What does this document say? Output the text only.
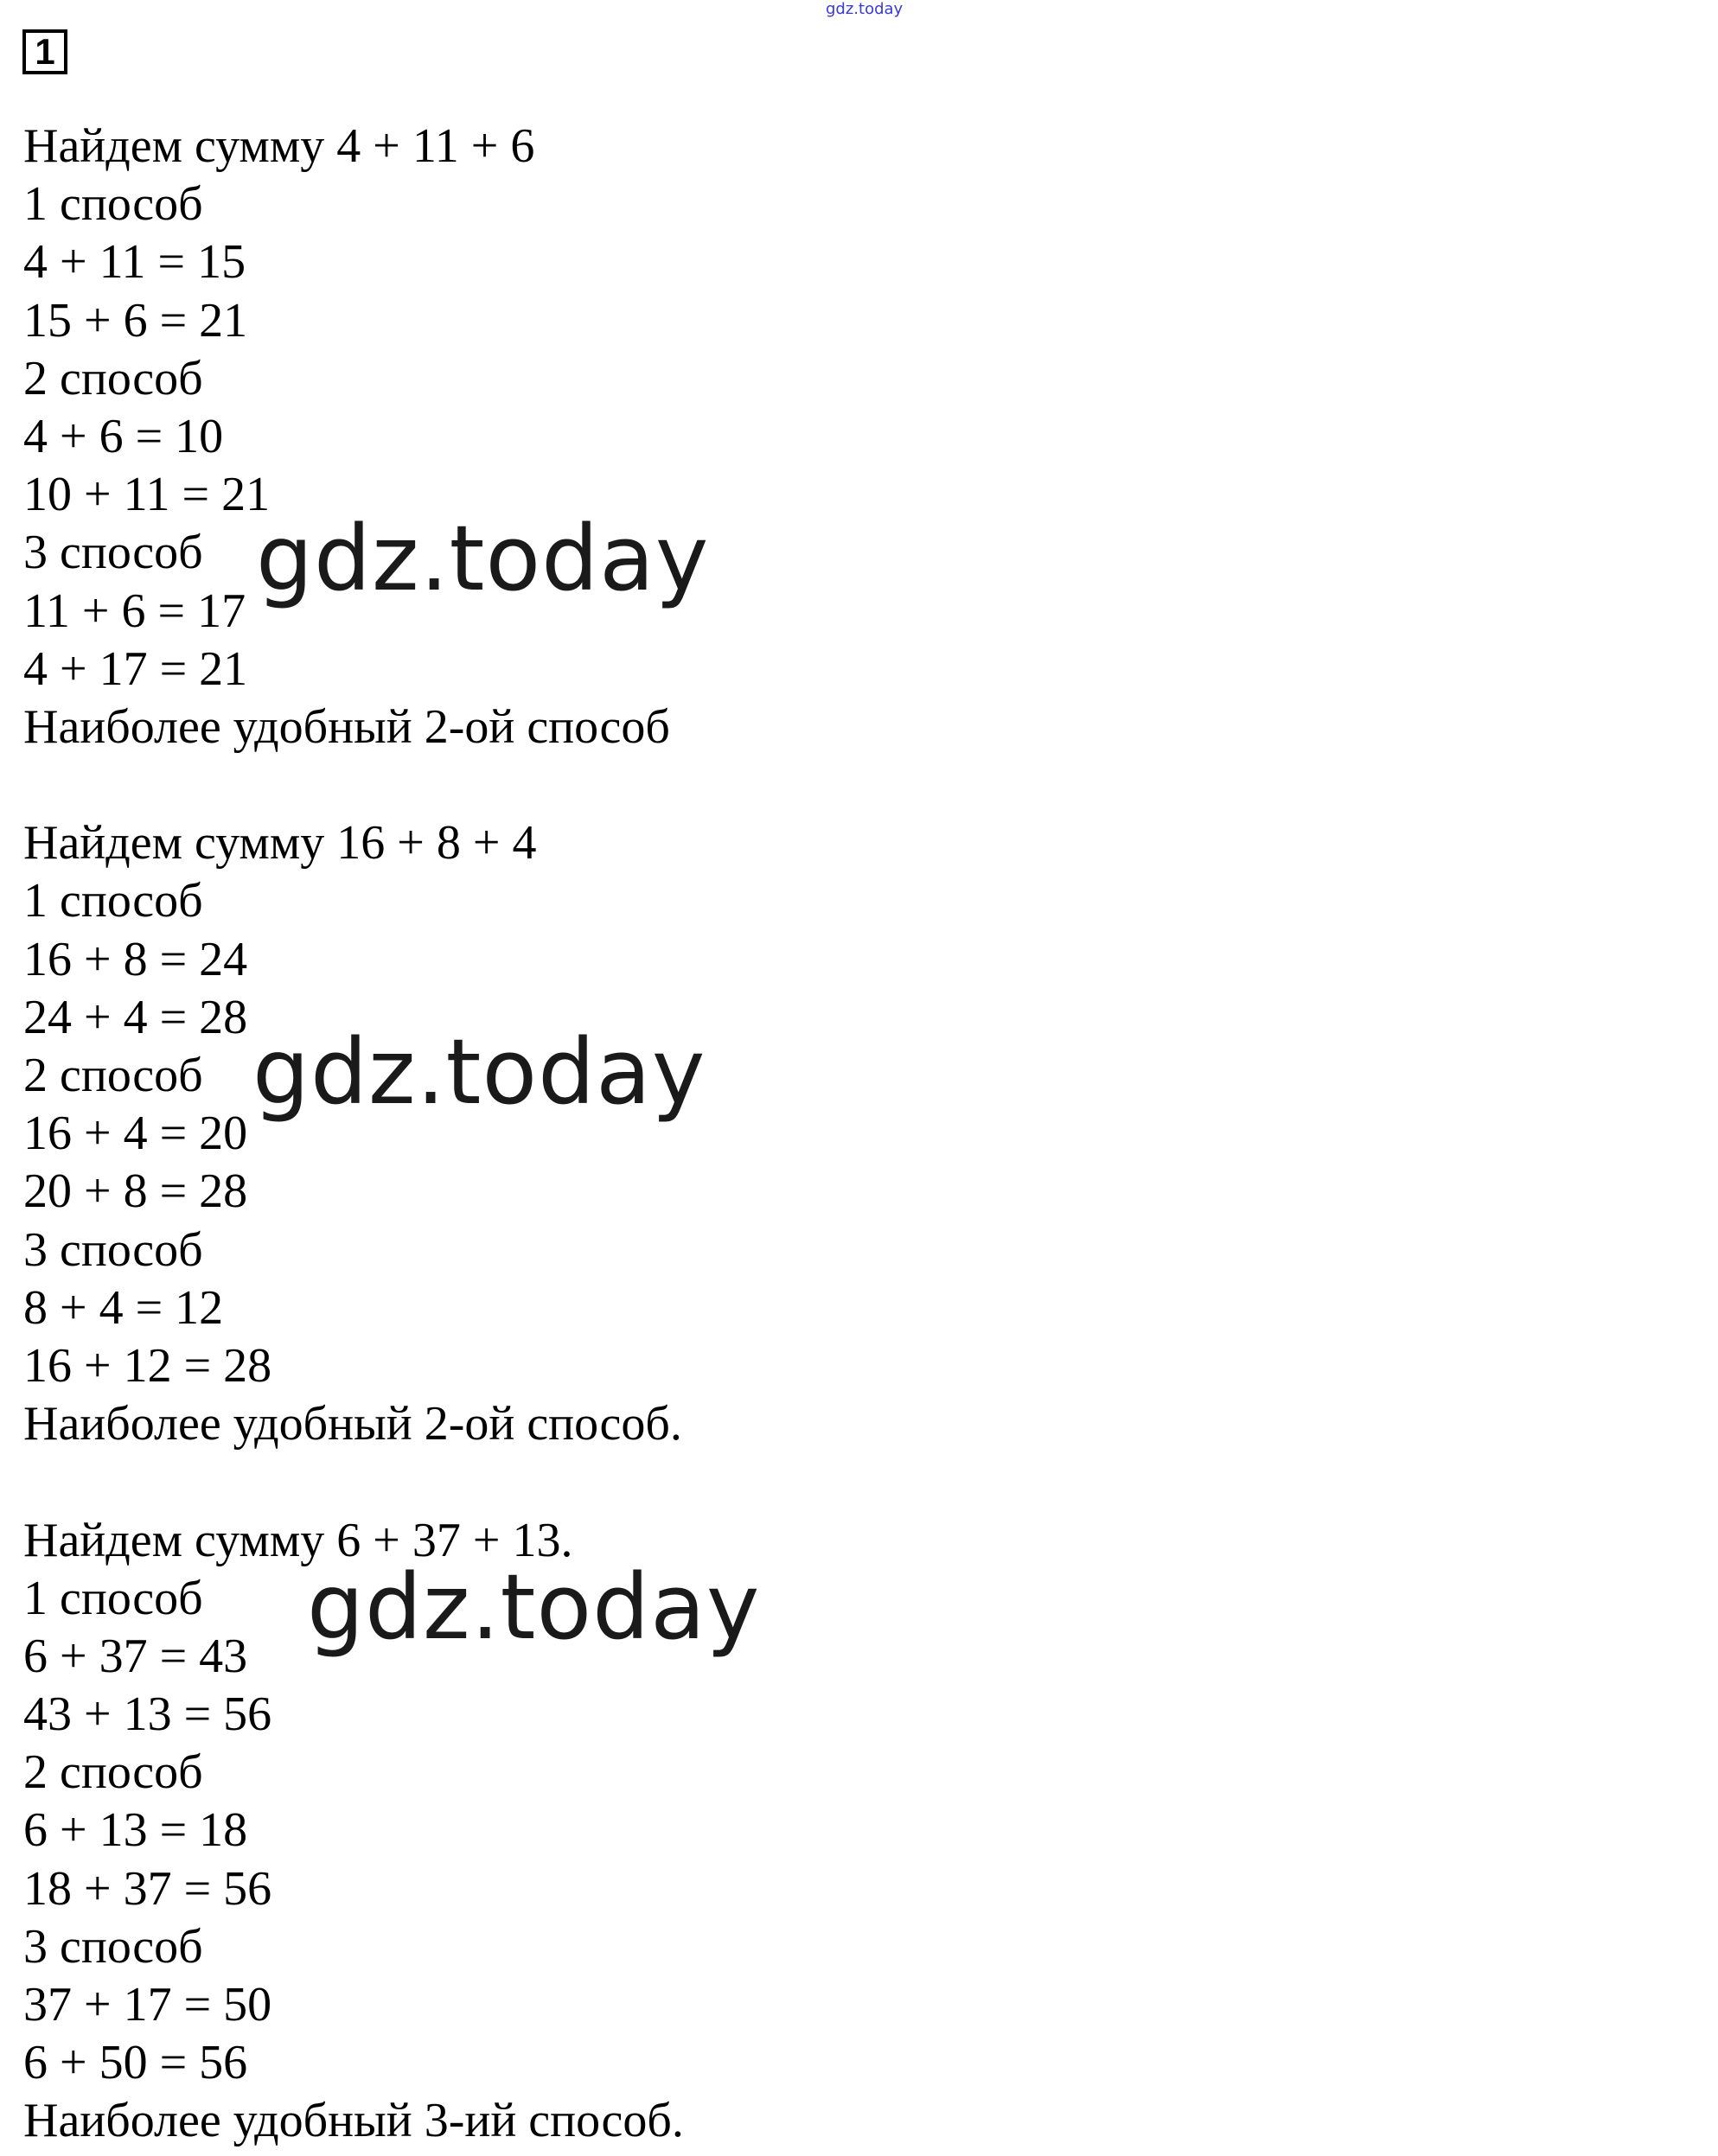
gdz.today
1
Найдем сумму 4 + 11 + 6
1 способ
4 + 11 = 15
15 + 6 = 21
2 способ
4 + 6 = 10
10 + 11 = 21
3 способ
11 + 6 = 17
4 + 17 = 21
Наиболее удобный 2-ой способ
Найдем сумму 16 + 8 + 4
1 способ
16 + 8 = 24
24 + 4 = 28
2 способ
16 + 4 = 20
20 + 8 = 28
3 способ
8 + 4 = 12
16 + 12 = 28
Наиболее удобный 2-ой способ.
Найдем сумму 6 + 37 + 13.
1 способ
6 + 37 = 43
43 + 13 = 56
2 способ
6 + 13 = 18
18 + 37 = 56
3 способ
37 + 17 = 50
6 + 50 = 56
Наиболее удобный 3-ий способ.
gdz.today
gdz.today
gdz.today
